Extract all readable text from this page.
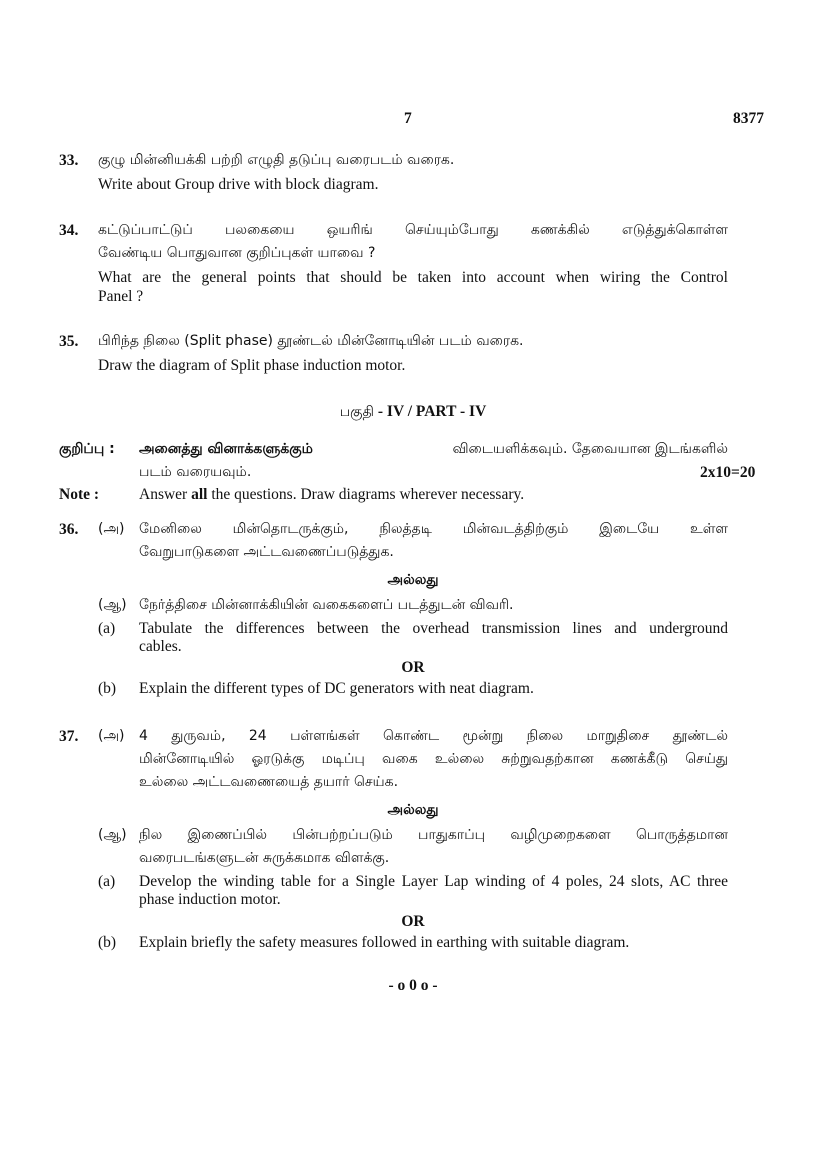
7	8377
33. குழு மின்னியக்கி பற்றி எழுதி தடுப்பு வரைபடம் வரைக.
Write about Group drive with block diagram.
34. கட்டுப்பாட்டுப் பலகையை ஒயரிங் செய்யும்போது கணக்கில் எடுத்துக்கொள்ள
வேண்டிய பொதுவான குறிப்புகள் யாவை ?
What are the general points that should be taken into account when wiring the Control
Panel ?
35. பிரிந்த நிலை (Split phase) தூண்டல் மின்னோடியின் படம் வரைக.
Draw the diagram of Split phase induction motor.
பகுதி - IV / PART - IV
குறிப்பு : அனைத்து வினாக்களுக்கும்	விடையளிக்கவும். தேவையான இடங்களில்
படம் வரையவும்.	2x10=20
Note :	Answer all the questions. Draw diagrams wherever necessary.
36. (அ) மேனிலை மின்தொடருக்கும், நிலத்தடி மின்வடத்திற்கும் இடையே உள்ள
வேறுபாடுகளை அட்டவணைப்படுத்துக.
அல்லது
(ஆ) நேர்த்திசை மின்னாக்கியின் வகைகளைப் படத்துடன் விவரி.
(a) Tabulate the differences between the overhead transmission lines and underground
cables.
OR
(b) Explain the different types of DC generators with neat diagram.
37. (அ) 4 துருவம், 24 பள்ளங்கள் கொண்ட மூன்று நிலை மாறுதிசை தூண்டல்
மின்னோடியில் ஓரடுக்கு மடிப்பு வகை உல்லை சுற்றுவதற்கான கணக்கீடு செய்து
உல்லை அட்டவணையைத் தயார் செய்க.
அல்லது
(ஆ) நில இணைப்பில் பின்பற்றப்படும் பாதுகாப்பு வழிமுறைகளை பொருத்தமான
வரைபடங்களுடன் சுருக்கமாக விளக்கு.
(a) Develop the winding table for a Single Layer Lap winding of 4 poles, 24 slots, AC three
phase induction motor.
OR
(b) Explain briefly the safety measures followed in earthing with suitable diagram.
- o 0 o -
